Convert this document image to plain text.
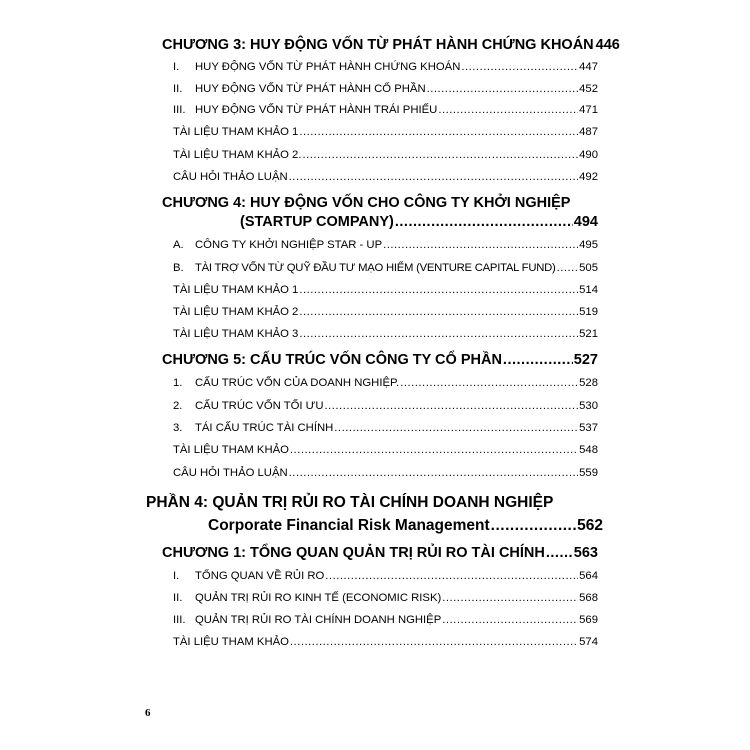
CHƯƠNG 3: HUY ĐỘNG VỐN TỪ PHÁT HÀNH CHỨNG KHOÁN 446
I. HUY ĐỘNG VỐN TỪ PHÁT HÀNH CHỨNG KHOÁN .....	447
II. HUY ĐỘNG VỐN TỪ PHÁT HÀNH CỔ PHẦN .....	452
III. HUY ĐỘNG VỐN TỪ PHÁT HÀNH TRÁI PHIẾU .....	471
TÀI LIỆU THAM KHẢO 1 .....	487
TÀI LIỆU THAM KHẢO 2. .....	490
CÂU HỎI THẢO LUẬN .....	492
CHƯƠNG 4: HUY ĐỘNG VỐN CHO CÔNG TY KHỞI NGHIỆP
(STARTUP COMPANY) .....	494
A. CÔNG TY KHỞI NGHIỆP STAR - UP .....	495
B. TÀI TRỢ VỐN TỪ QUỸ ĐẦU TƯ MẠO HIỂM (VENTURE CAPITAL FUND) ..... 505
TÀI LIỆU THAM KHẢO 1 .....	514
TÀI LIỆU THAM KHẢO 2 .....	519
TÀI LIỆU THAM KHẢO 3 .....	521
CHƯƠNG 5: CẤU TRÚC VỐN CÔNG TY CỔ PHẦN .....	527
1. CẤU TRÚC VỐN CỦA DOANH NGHIỆP. .....	528
2. CẤU TRÚC VỐN TỐI ƯU .....	530
3. TÁI CẤU TRÚC TÀI CHÍNH .....	537
TÀI LIỆU THAM KHẢO .....	548
CÂU HỎI THẢO LUẬN .....	559
PHẦN 4: QUẢN TRỊ RỦI RO TÀI CHÍNH DOANH NGHIỆP
Corporate Financial Risk Management .....	562
CHƯƠNG 1: TỔNG QUAN QUẢN TRỊ RỦI RO TÀI CHÍNH ..... 563
I. TỔNG QUAN VỀ RỦI RO .....	564
II. QUẢN TRỊ RỦI RO KINH TẾ (ECONOMIC RISK) .....	568
III. QUẢN TRỊ RỦI RO TÀI CHÍNH DOANH NGHIỆP .....	569
TÀI LIỆU THAM KHẢO .....	574
6
